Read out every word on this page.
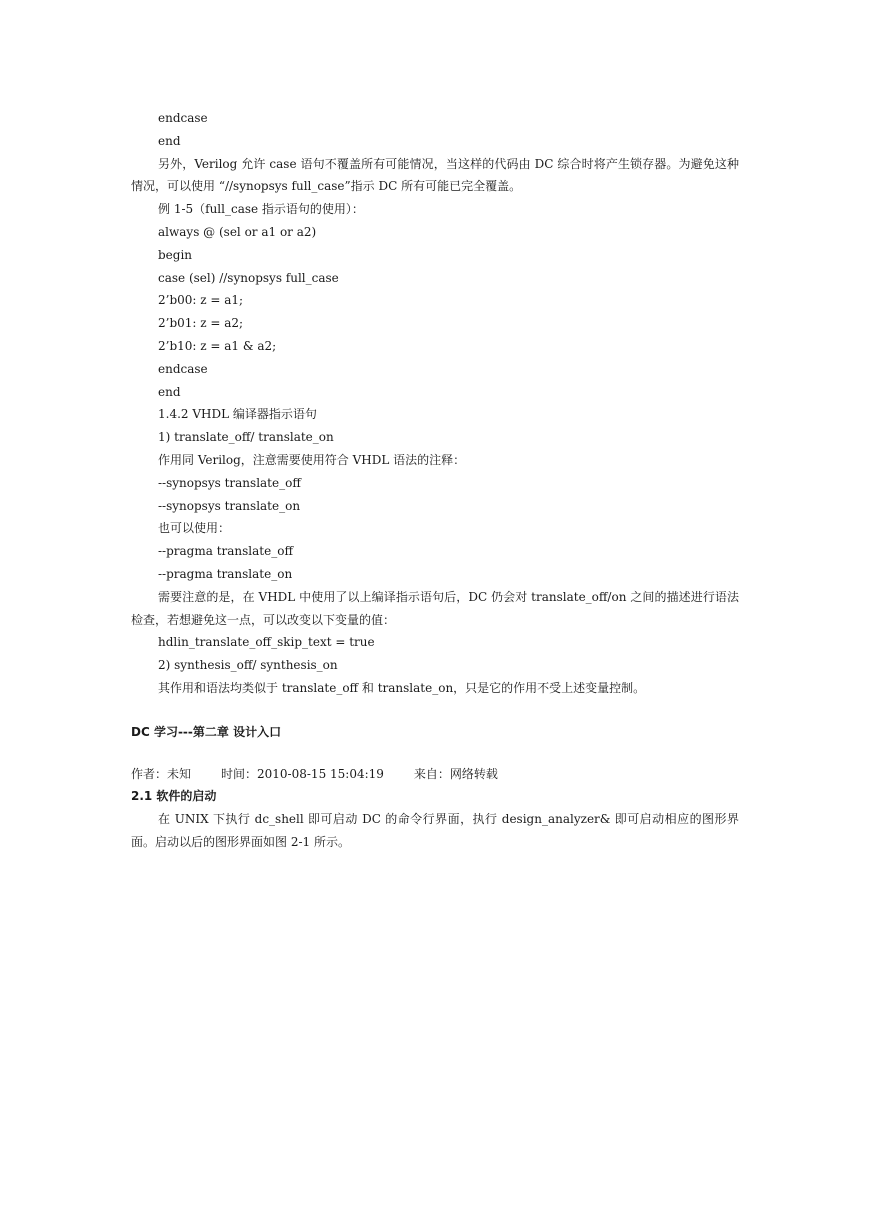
endcase

end

另外，Verilog 允许 case 语句不覆盖所有可能情况，当这样的代码由 DC 综合时将产生锁存器。为避免这种情况，可以使用 “//synopsys full_case”指示 DC 所有可能已完全覆盖。

例 1-5（full_case 指示语句的使用）：

always @ (sel or a1 or a2)

begin

case (sel) //synopsys full_case

2’b00: z = a1;

2’b01: z = a2;

2’b10: z = a1 & a2;

endcase

end

1.4.2 VHDL 编译器指示语句

1) translate_off/ translate_on

作用同 Verilog，注意需要使用符合 VHDL 语法的注释：

--synopsys translate_off

--synopsys translate_on

也可以使用：

--pragma translate_off

--pragma translate_on

需要注意的是，在 VHDL 中使用了以上编译指示语句后，DC 仍会对 translate_off/on 之间的描述进行语法检查，若想避免这一点，可以改变以下变量的值：

hdlin_translate_off_skip_text = true

2) synthesis_off/ synthesis_on

其作用和语法均类似于 translate_off 和 translate_on，只是它的作用不受上述变量控制。

DC 学习---第二章 设计入口

作者：未知	时间：2010-08-15 15:04:19	来自：网络转载

2.1 软件的启动

在 UNIX 下执行 dc_shell 即可启动 DC 的命令行界面，执行 design_analyzer& 即可启动相应的图形界面。启动以后的图形界面如图 2-1 所示。
